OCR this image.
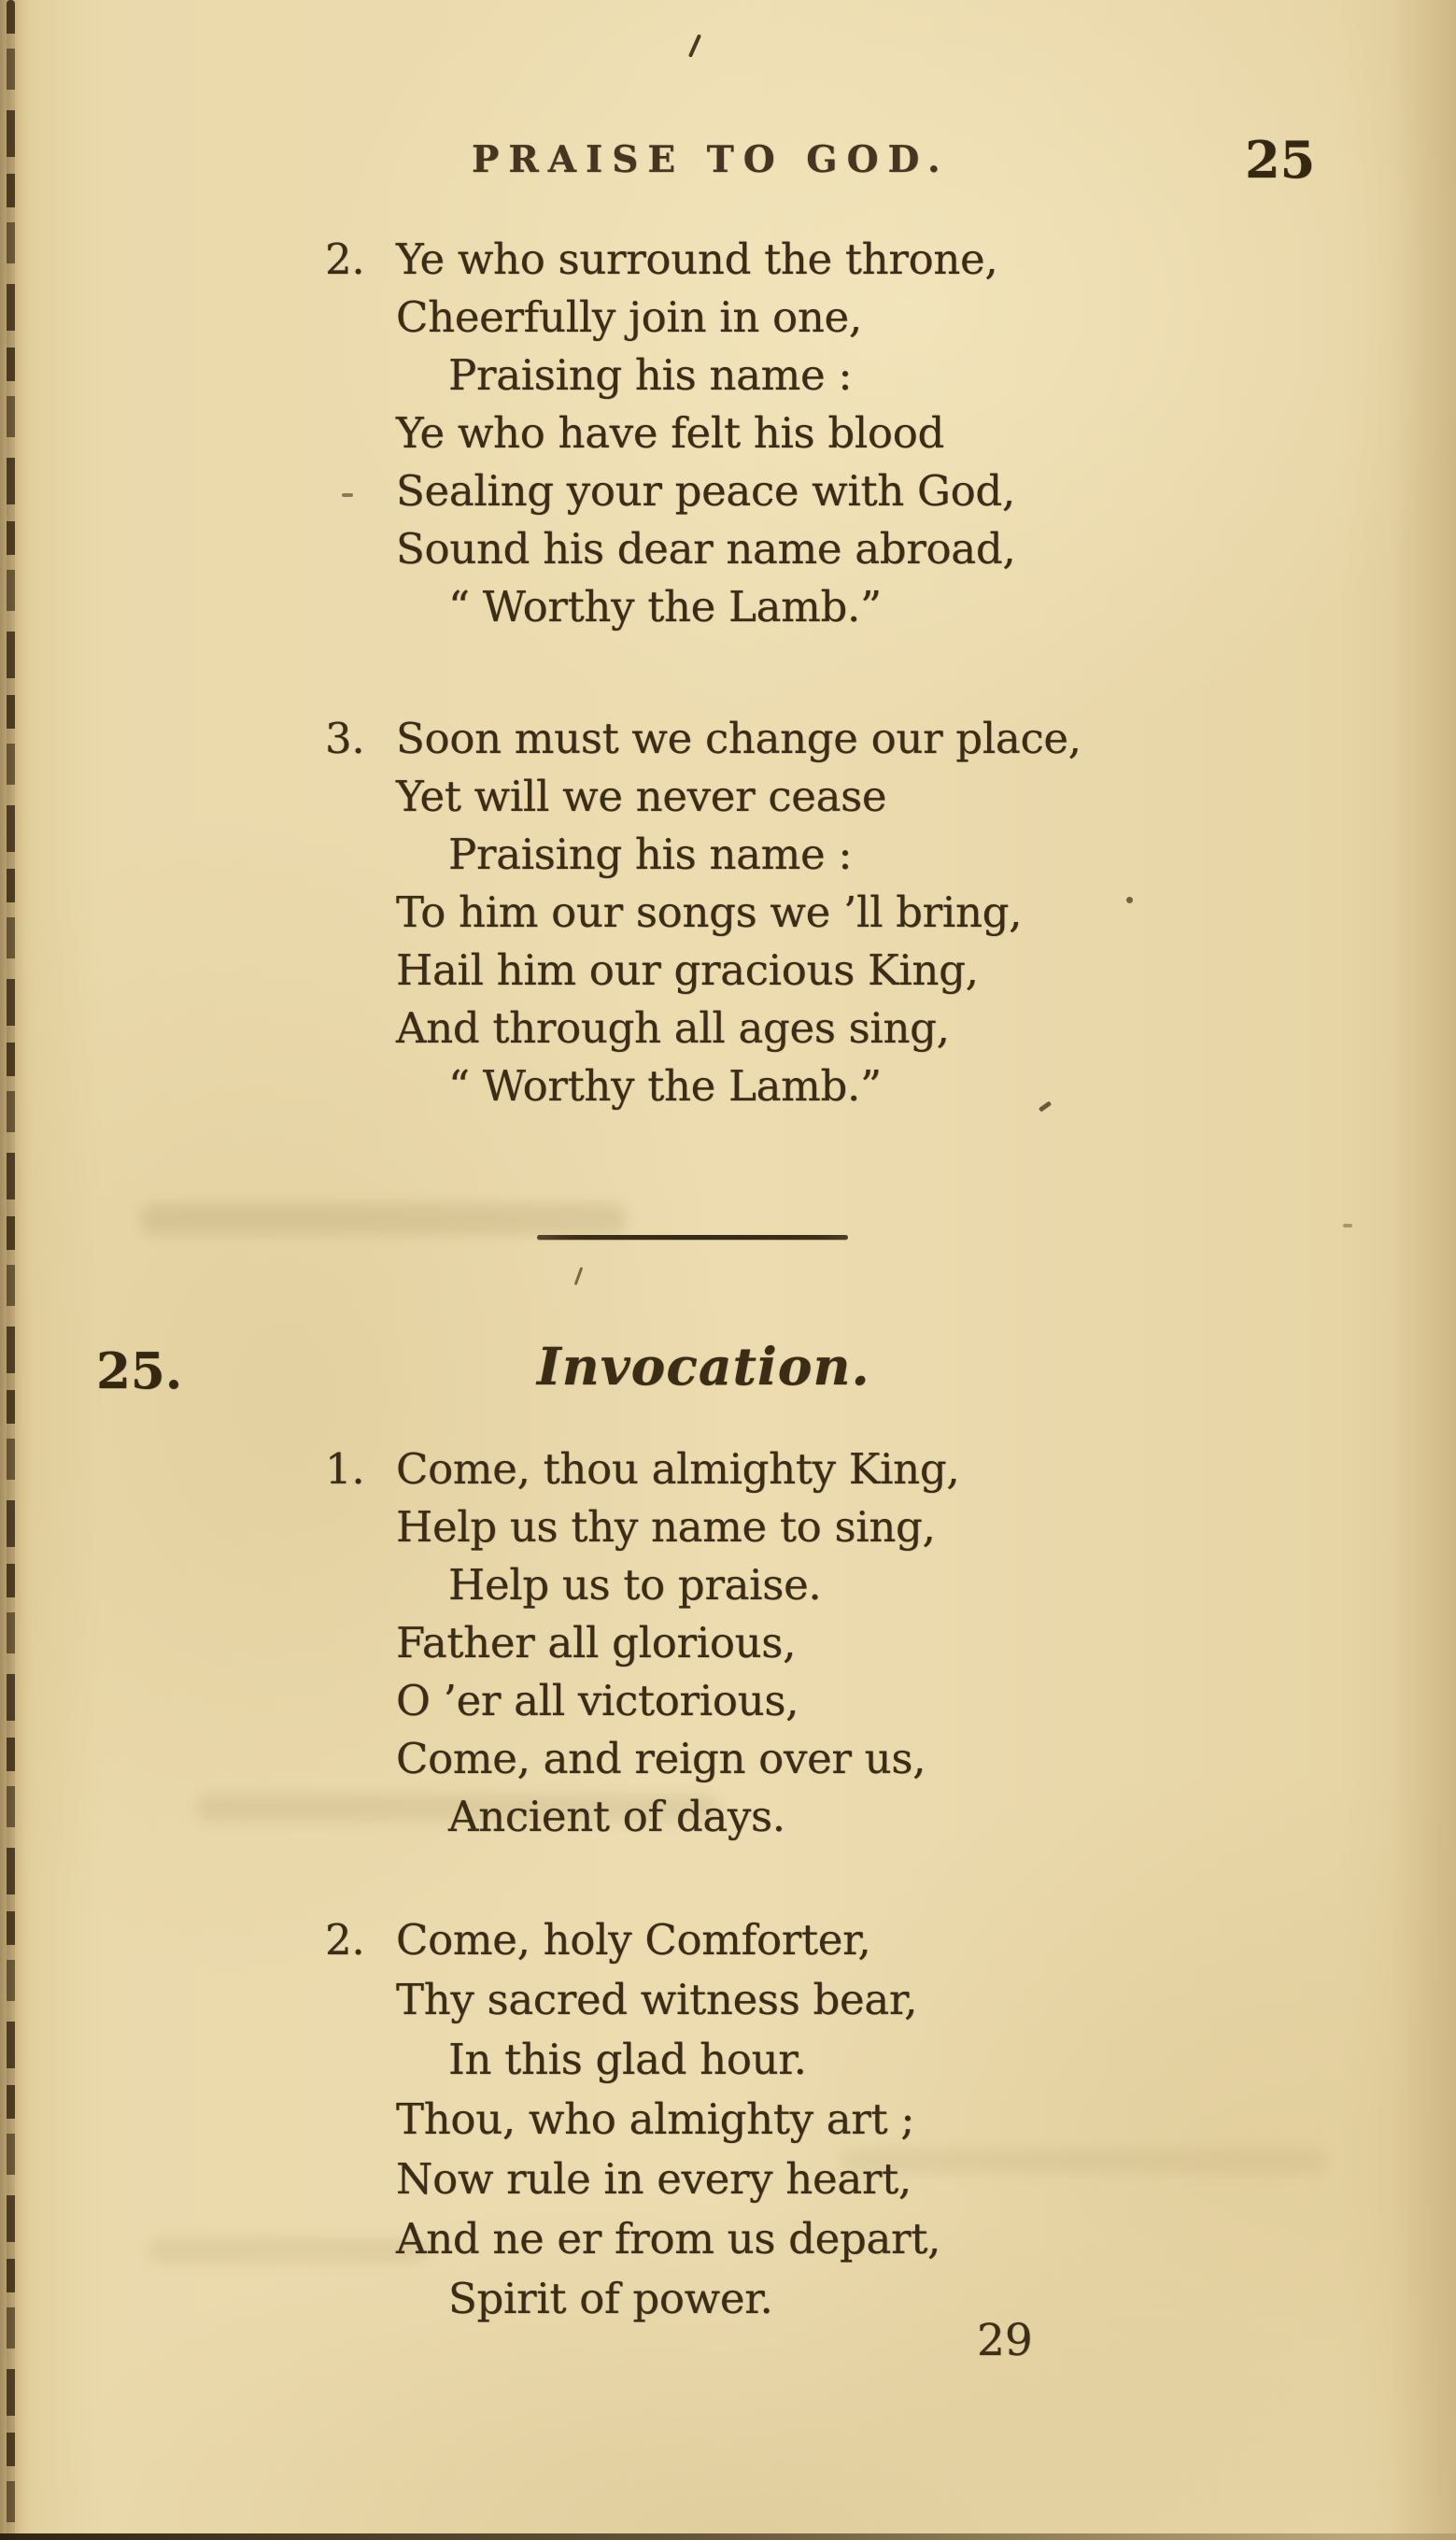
PRAISE TO GOD.	25
2. Ye who surround the throne,
Cheerfully join in one,
Praising his name :
Ye who have felt his blood
Sealing your peace with God,
Sound his dear name abroad,
“ Worthy the Lamb.”
3. Soon must we change our place,
Yet will we never cease
Praising his name :
To him our songs we ’ll bring,
Hail him our gracious King,
And through all ages sing,
“ Worthy the Lamb.”
25.	Invocation.
1. Come, thou almighty King,
Help us thy name to sing,
Help us to praise.
Father all glorious,
O ’er all victorious,
Come, and reign over us,
Ancient of days.
2. Come, holy Comforter,
Thy sacred witness bear,
In this glad hour.
Thou, who almighty art ;
Now rule in every heart,
And ne er from us depart,
Spirit of power.
29
